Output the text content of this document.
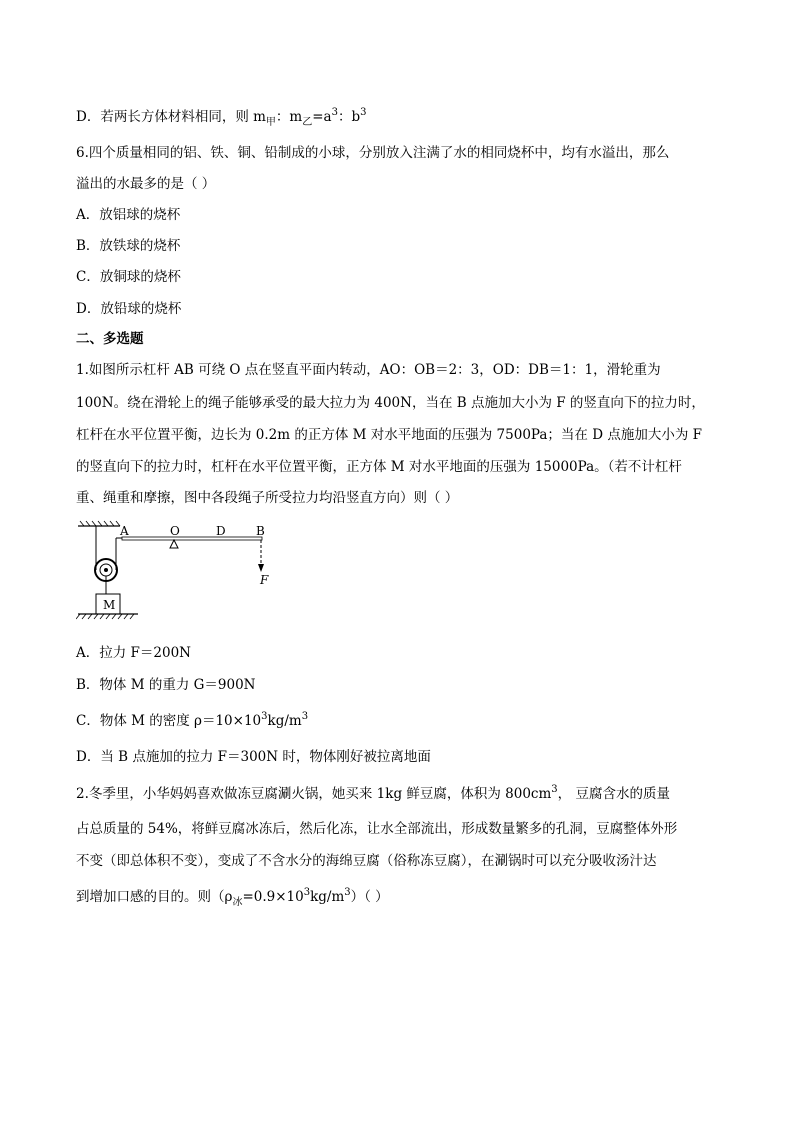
D．若两长方体材料相同，则 $m_甲$：$m_乙=a^3$：$b^3$
6.四个质量相同的铝、铁、铜、铅制成的小球，分别放入注满了水的相同烧杯中，均有水溢出，那么
溢出的水最多的是（ ）
A．放铝球的烧杯
B．放铁球的烧杯
C．放铜球的烧杯
D．放铅球的烧杯
二、多选题
1.如图所示杠杆 AB 可绕 O 点在竖直平面内转动，AO：OB＝2：3，OD：DB＝1：1，滑轮重为
100N。绕在滑轮上的绳子能够承受的最大拉力为 400N，当在 B 点施加大小为 F 的竖直向下的拉力时，
杠杆在水平位置平衡，边长为 0.2m 的正方体 M 对水平地面的压强为 7500Pa；当在 D 点施加大小为 F
的竖直向下的拉力时，杠杆在水平位置平衡，正方体 M 对水平地面的压强为 15000Pa。（若不计杠杆
重、绳重和摩擦，图中各段绳子所受拉力均沿竖直方向）则（ ）
M
A	O	D	B
F
A．拉力 F＝200N
B．物体 M 的重力 G＝900N
C．物体 M 的密度 $\rho=10\times 10^3kg/m^3$
D．当 B 点施加的拉力 F＝300N 时，物体刚好被拉离地面
2.冬季里，小华妈妈喜欢做冻豆腐涮火锅，她买来 1kg 鲜豆腐，体积为 $800cm^3$， 豆腐含水的质量
占总质量的 54%，将鲜豆腐冰冻后，然后化冻，让水全部流出，形成数量繁多的孔洞，豆腐整体外形
不变（即总体积不变），变成了不含水分的海绵豆腐（俗称冻豆腐），在涮锅时可以充分吸收汤汁达
到增加口感的目的。则$(\rho_冰=0.9\times 10^3kg/m^3)$（ ）
